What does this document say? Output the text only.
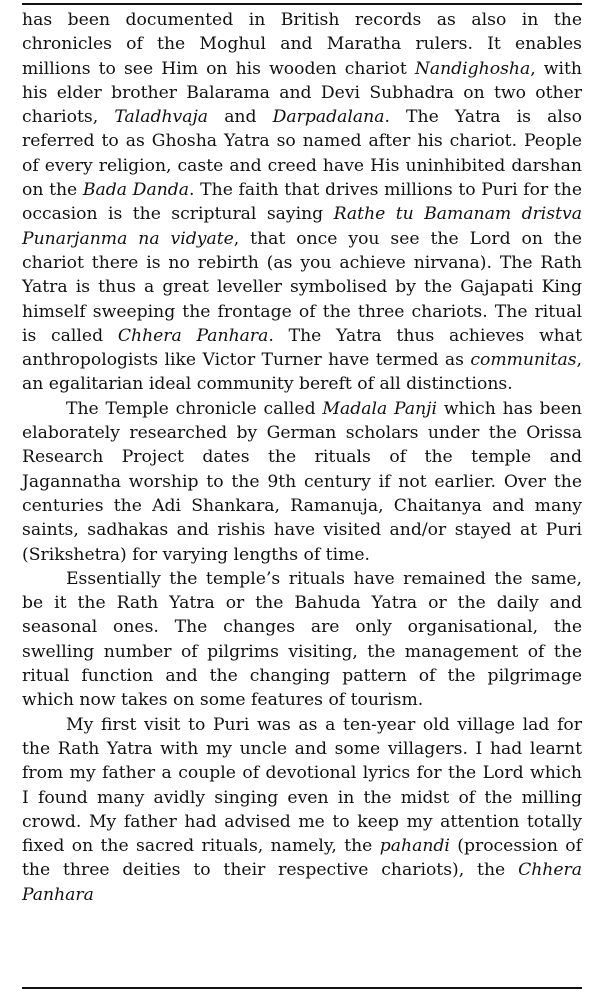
has been documented in British records as also in the chronicles of the Moghul and Maratha rulers. It enables millions to see Him on his wooden chariot Nandighosha, with his elder brother Balarama and Devi Subhadra on two other chariots, Taladhvaja and Darpadalana. The Yatra is also referred to as Ghosha Yatra so named after his chariot. People of every religion, caste and creed have His uninhibited darshan on the Bada Danda. The faith that drives millions to Puri for the occasion is the scriptural saying Rathe tu Bamanam dristva Punarjanma na vidyate, that once you see the Lord on the chariot there is no rebirth (as you achieve nirvana). The Rath Yatra is thus a great leveller symbolised by the Gajapati King himself sweeping the frontage of the three chariots. The ritual is called Chhera Panhara. The Yatra thus achieves what anthropologists like Victor Turner have termed as communitas, an egalitarian ideal community bereft of all distinctions.

The Temple chronicle called Madala Panji which has been elaborately researched by German scholars under the Orissa Research Project dates the rituals of the temple and Jagannatha worship to the 9th century if not earlier. Over the centuries the Adi Shankara, Ramanuja, Chaitanya and many saints, sadhakas and rishis have visited and/or stayed at Puri (Srikshetra) for varying lengths of time.

Essentially the temple’s rituals have remained the same, be it the Rath Yatra or the Bahuda Yatra or the daily and seasonal ones. The changes are only organisational, the swelling number of pilgrims visiting, the management of the ritual function and the changing pattern of the pilgrimage which now takes on some features of tourism.

My first visit to Puri was as a ten-year old village lad for the Rath Yatra with my uncle and some villagers. I had learnt from my father a couple of devotional lyrics for the Lord which I found many avidly singing even in the midst of the milling crowd. My father had advised me to keep my attention totally fixed on the sacred rituals, namely, the pahandi (procession of the three deities to their respective chariots), the Chhera Panhara
